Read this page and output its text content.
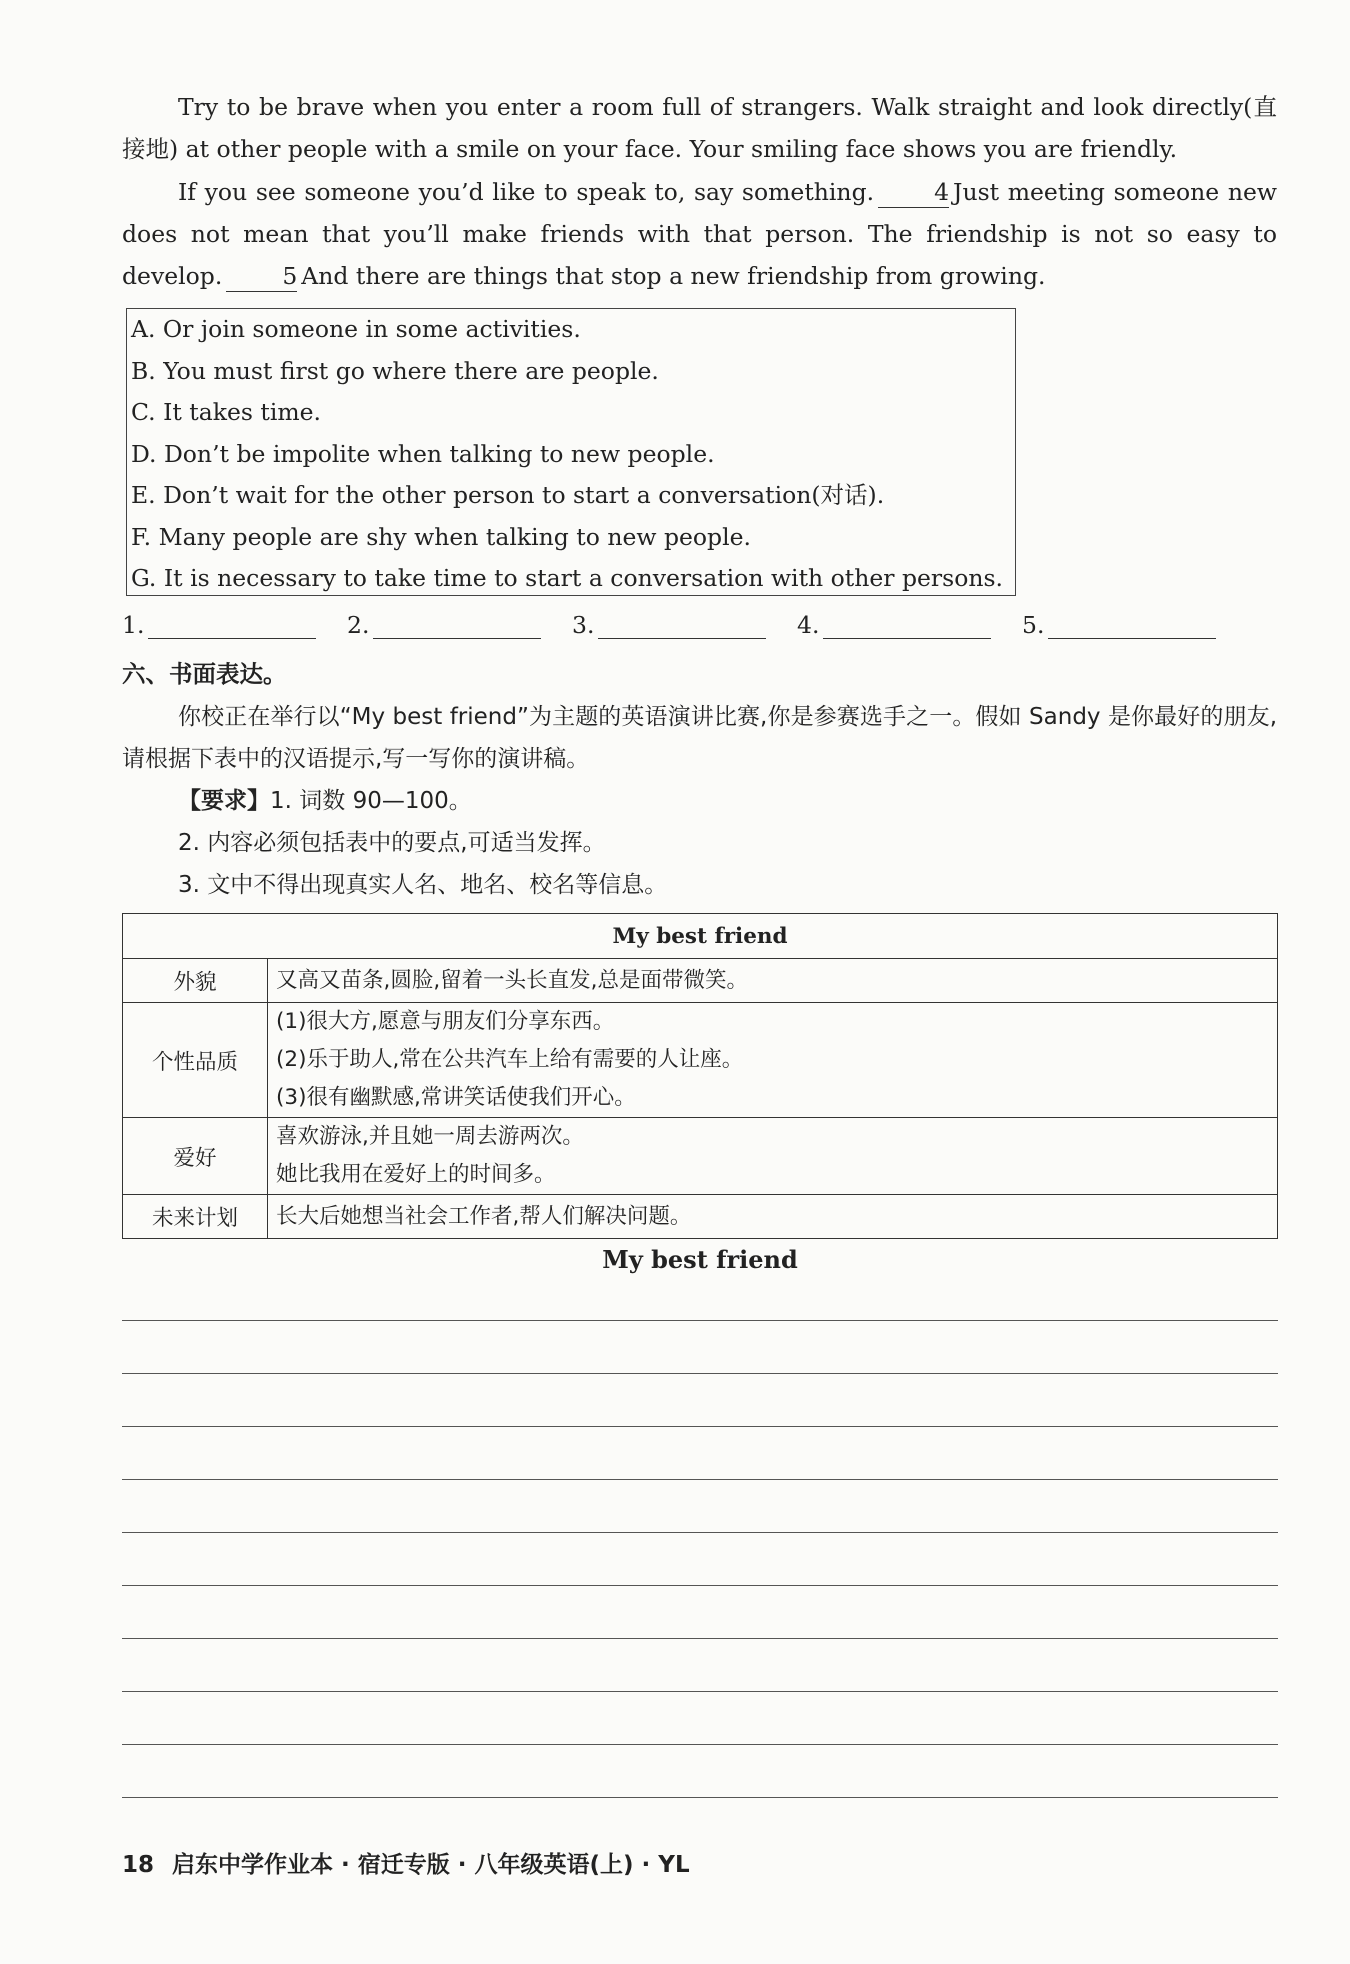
Try to be brave when you enter a room full of strangers. Walk straight and look directly(直接地) at other people with a smile on your face. Your smiling face shows you are friendly.
If you see someone you’d like to speak to, say something.	4 Just meeting someone new does not mean that you’ll make friends with that person. The friendship is not so easy to develop.	5 And there are things that stop a new friendship from growing.
A. Or join someone in some activities.
B. You must first go where there are people.
C. It takes time.
D. Don’t be impolite when talking to new people.
E. Don’t wait for the other person to start a conversation(对话).
F. Many people are shy when talking to new people.
G. It is necessary to take time to start a conversation with other persons.
1.	2.	3.	4.	5.
六、书面表达。
你校正在举行以“My best friend”为主题的英语演讲比赛,你是参赛选手之一。假如 Sandy 是你最好的朋友,请根据下表中的汉语提示,写一写你的演讲稿。
【要求】1. 词数 90—100。
2. 内容必须包括表中的要点,可适当发挥。
3. 文中不得出现真实人名、地名、校名等信息。
My best friend	
外貌	又高又苗条,圆脸,留着一头长直发,总是面带微笑。

个性品质	(1)很大方,愿意与朋友们分享东西。
(2)乐于助人,常在公共汽车上给有需要的人让座。
(3)很有幽默感,常讲笑话使我们开心。

爱好	喜欢游泳,并且她一周去游两次。
她比我用在爱好上的时间多。

未来计划	长大后她想当社会工作者,帮人们解决问题。
My best friend
18 启东中学作业本 · 宿迁专版 · 八年级英语(上) · YL
